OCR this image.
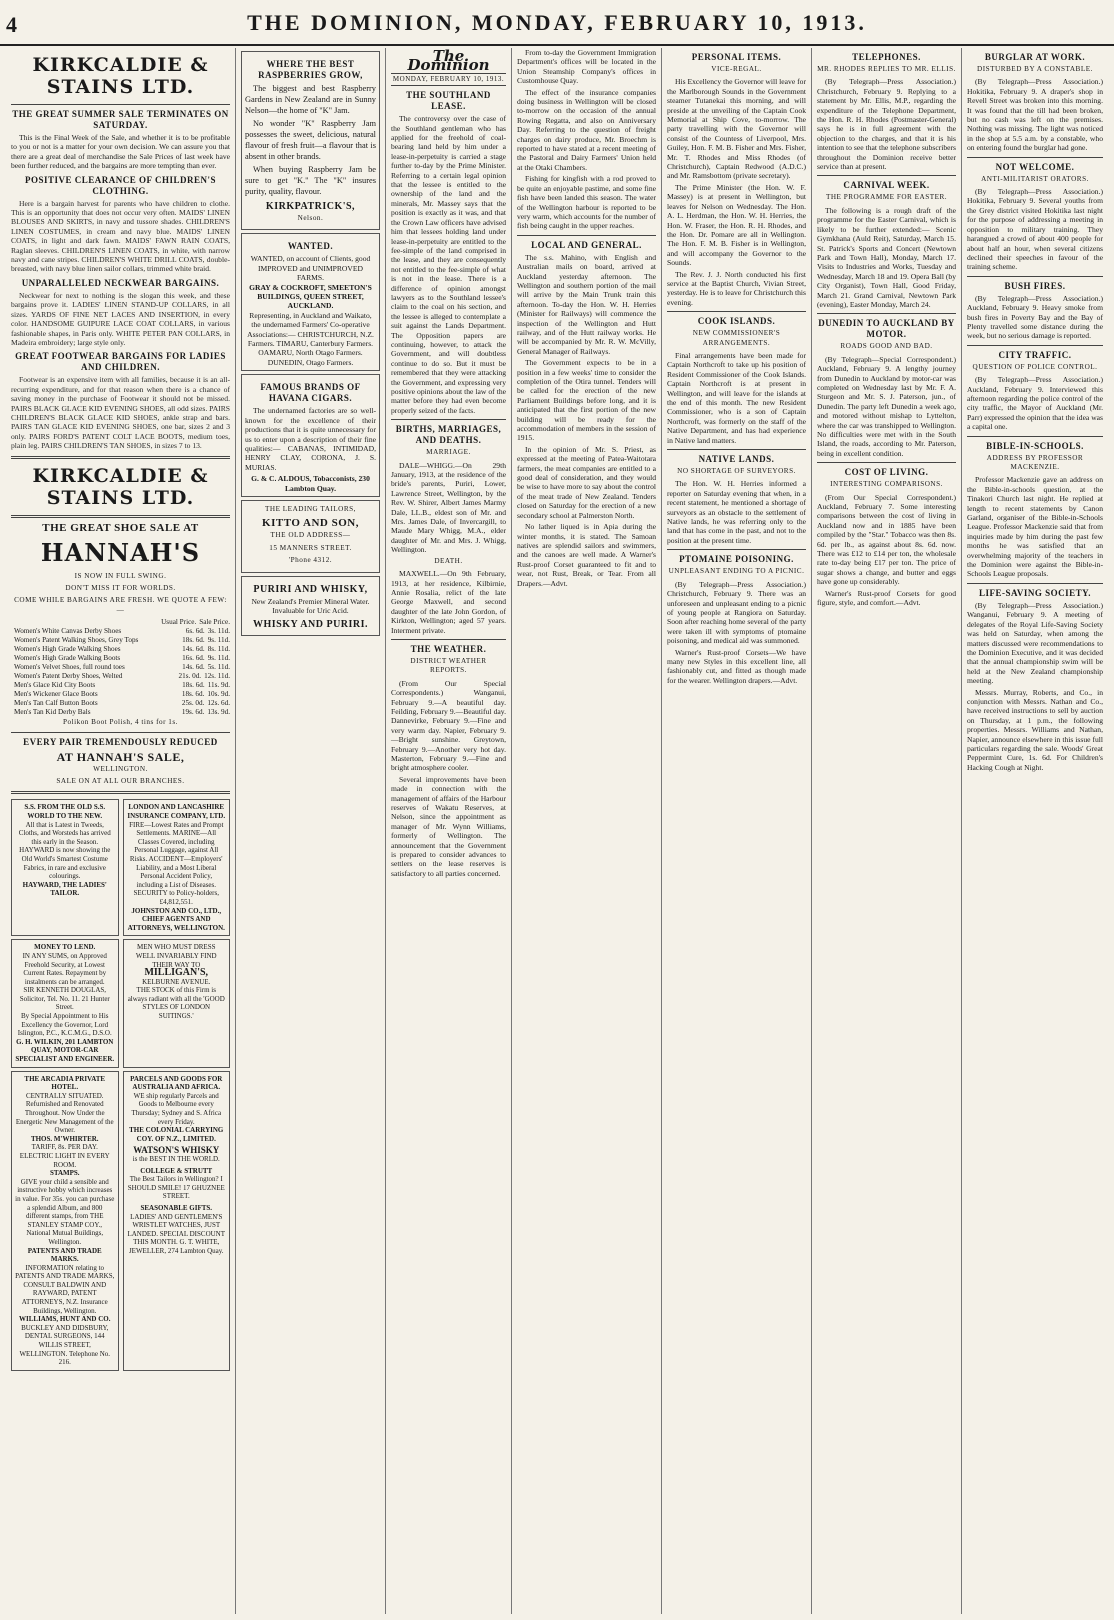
4	THE DOMINION, MONDAY, FEBRUARY 10, 1913.
KIRKCALDIE & STAINS LTD.
THE GREAT SUMMER SALE TERMINATES ON SATURDAY.

This is the Final Week of the Sale, and whether it is to be profitable to you or not is a matter for your own decision. We can assure you that there are a great deal of merchandise the Sale Prices of last week have been further reduced, and the bargains are more tempting than ever.

POSITIVE CLEARANCE OF CHILDREN'S CLOTHING.

Here is a bargain harvest for parents who have children to clothe. This is an opportunity that does not occur very often. MAIDS' LINEN BLOUSES AND SKIRTS, in navy and tussore shades. CHILDREN'S LINEN COSTUMES, in cream and navy blue. MAIDS' LINEN COATS, in light and dark fawn. MAIDS' FAWN RAIN COATS, Raglan sleeves. CHILDREN'S LINEN COATS, in white, with narrow navy and cane stripes. CHILDREN'S WHITE DRILL COATS, double-breasted, with navy blue linen sailor collars, trimmed white braid.

UNPARALLELED NECKWEAR BARGAINS.

Neckwear for next to nothing is the slogan this week, and these bargains prove it. LADIES' LINEN STAND-UP COLLARS, in all sizes. YARDS OF FINE NET LACES AND INSERTION, in every color. HANDSOME GUIPURE LACE COAT COLLARS, in various fashionable shapes, in Paris only. WHITE PETER PAN COLLARS, in Madeira embroidery; large style only.

GREAT FOOTWEAR BARGAINS FOR LADIES AND CHILDREN.

Footwear is an expensive item with all families, because it is an all-recurring expenditure, and for that reason when there is a chance of saving money in the purchase of Footwear it should not be missed. PAIRS BLACK GLACE KID EVENING SHOES, all odd sizes. PAIRS CHILDREN'S BLACK GLACE KID SHOES, ankle strap and bars. PAIRS TAN GLACE KID EVENING SHOES, one bar, sizes 2 and 3 only. PAIRS FORD'S PATENT COLT LACE BOOTS, medium toes, plain leg. PAIRS CHILDREN'S TAN SHOES, in sizes 7 to 13.

KIRKCALDIE & STAINS LTD.
THE GREAT SHOE SALE AT
HANNAH'S
IS NOW IN FULL SWING.
DON'T MISS IT FOR WORLDS.
COME WHILE BARGAINS ARE FRESH. WE QUOTE A FEW:—
Usual Price. Sale Price.
Women's White Canvas Derby Shoes	6s. 6d. 3s. 11d.
Women's Patent Walking Shoes, Grey Tops	18s. 6d. 9s. 11d.
Women's High Grade Walking Shoes	14s. 6d. 8s. 11d.
Women's High Grade Walking Boots	16s. 6d. 9s. 11d.
Women's Velvet Shoes, full round toes	14s. 6d. 5s. 11d.
Women's Patent Derby Shoes, Welted	21s. 0d. 12s. 11d.
Men's Glace Kid City Boots	18s. 6d. 11s. 9d.
Men's Wickener Glace Boots	18s. 6d. 10s. 9d.
Men's Tan Calf Button Boots	25s. 0d. 12s. 6d.
Men's Tan Kid Derby Bals	19s. 6d. 13s. 9d.
Polikon Boot Polish, 4 tins for 1s.
EVERY PAIR TREMENDOUSLY REDUCED
AT HANNAH'S SALE,
WELLINGTON.
SALE ON AT ALL OUR BRANCHES.
S.S. FROM THE OLD S.S.
WORLD TO THE NEW.
All that is Latest in Tweeds, Cloths, and Worsteds has arrived this early in the Season. HAYWARD is now showing the Old World's Smartest Costume Fabrics, in rare and exclusive colourings.
HAYWARD, THE LADIES' TAILOR.
LONDON AND LANCASHIRE INSURANCE COMPANY, LTD.
FIRE—Lowest Rates and Prompt Settlements. MARINE—All Classes Covered, including Personal Luggage, against All Risks. ACCIDENT—Employers' Liability, and a Most Liberal Personal Accident Policy, including a List of Diseases. SECURITY to Policy-holders, £4,812,551.
JOHNSTON AND CO., LTD., CHIEF AGENTS AND ATTORNEYS, WELLINGTON.
MONEY TO LEND.
IN ANY SUMS, on Approved Freehold Security, at Lowest Current Rates. Repayment by instalments can be arranged.
SIR KENNETH DOUGLAS, Solicitor, Tel. No. 11. 21 Hunter Street.
By Special Appointment to His Excellency the Governor, Lord Islington, P.C., K.C.M.G., D.S.O.
G. H. WILKIN, 201 LAMBTON QUAY, MOTOR-CAR SPECIALIST AND ENGINEER.
MEN WHO MUST DRESS WELL INVARIABLY FIND THEIR WAY TO
MILLIGAN'S,
KELBURNE AVENUE.
THE STOCK of this Firm is always radiant with all the 'GOOD STYLES OF LONDON SUITINGS.'
THE ARCADIA PRIVATE HOTEL.
CENTRALLY SITUATED. Refurnished and Renovated Throughout. Now Under the Energetic New Management of the Owner.
THOS. M'WHIRTER.
TARIFF, 8s. PER DAY. ELECTRIC LIGHT IN EVERY ROOM.
STAMPS.
GIVE your child a sensible and instructive hobby which increases in value. For 35s. you can purchase a splendid Album, and 800 different stamps, from THE STANLEY STAMP COY., National Mutual Buildings, Wellington.
PATENTS AND TRADE MARKS.
INFORMATION relating to PATENTS AND TRADE MARKS, CONSULT BALDWIN AND RAYWARD, PATENT ATTORNEYS, N.Z. Insurance Buildings, Wellington.
WILLIAMS, HUNT AND CO.
BUCKLEY AND DIDSBURY, DENTAL SURGEONS, 144 WILLIS STREET, WELLINGTON. Telephone No. 216.
PARCELS AND GOODS FOR AUSTRALIA AND AFRICA.
WE ship regularly Parcels and Goods to Melbourne every Thursday; Sydney and S. Africa every Friday.
THE COLONIAL CARRYING COY. OF N.Z., LIMITED.
WATSON'S WHISKY
is the BEST IN THE WORLD.
COLLEGE & STRUTT
The Best Tailors in Wellington? I SHOULD SMILE! 17 GHUZNEE STREET.
SEASONABLE GIFTS.
LADIES' AND GENTLEMEN'S WRISTLET WATCHES, JUST LANDED. SPECIAL DISCOUNT THIS MONTH. G. T. WHITE, JEWELLER, 274 Lambton Quay.
WHERE THE BEST RASPBERRIES GROW,

The biggest and best Raspberry Gardens in New Zealand are in Sunny Nelson—the home of "K" Jam.

No wonder "K" Raspberry Jam possesses the sweet, delicious, natural flavour of fresh fruit—a flavour that is absent in other brands.

When buying Raspberry Jam be sure to get "K." The "K" insures purity, quality, flavour.

KIRKPATRICK'S,
Nelson.
WANTED.
WANTED, on account of Clients, good IMPROVED and UNIMPROVED FARMS.
GRAY & COCKROFT, SMEETON'S BUILDINGS, QUEEN STREET, AUCKLAND.
Representing, in Auckland and Waikato, the undernamed Farmers' Co-operative Associations:— CHRISTCHURCH, N.Z. Farmers. TIMARU, Canterbury Farmers. OAMARU, North Otago Farmers. DUNEDIN, Otago Farmers.
FAMOUS BRANDS OF HAVANA CIGARS.

The undernamed factories are so well-known for the excellence of their productions that it is quite unnecessary for us to enter upon a description of their fine qualities:— CABANAS, INTIMIDAD, HENRY CLAY, CORONA, J. S. MURIAS.

G. & C. ALDOUS, Tobacconists, 230 Lambton Quay.
THE LEADING TAILORS,
KITTO AND SON,
THE OLD ADDRESS—
15 MANNERS STREET.
'Phone 4312.
PURIRI AND WHISKY,
New Zealand's Premier Mineral Water. Invaluable for Uric Acid.
WHISKY AND PURIRI.
The Dominion
MONDAY, FEBRUARY 10, 1913.
THE SOUTHLAND LEASE.

The controversy over the case of the Southland gentleman who has applied for the freehold of coal-bearing land held by him under a lease-in-perpetuity is carried a stage further to-day by the Prime Minister. Referring to a certain legal opinion that the lessee is entitled to the ownership of the land and the minerals, Mr. Massey says that the position is exactly as it was, and that the Crown Law officers have advised him that lessees holding land under lease-in-perpetuity are entitled to the fee-simple of the land comprised in the lease, and they are consequently not entitled to the fee-simple of what is not in the lease. There is a difference of opinion amongst lawyers as to the Southland lessee's claim to the coal on his section, and the lessee is alleged to contemplate a suit against the Lands Department. The Opposition papers are continuing, however, to attack the Government, and will doubtless continue to do so. But it must be remembered that they were attacking the Government, and expressing very positive opinions about the law of the matter before they had even become properly seized of the facts.

BIRTHS, MARRIAGES, AND DEATHS.
MARRIAGE.

DALE—WHIGG.—On 29th January, 1913, at the residence of the bride's parents, Puriri, Lower, Lawrence Street, Wellington, by the Rev. W. Shirer, Albert James Marmy Dale, LL.B., eldest son of Mr. and Mrs. James Dale, of Invercargill, to Maude Mary Whigg, M.A., elder daughter of Mr. and Mrs. J. Whigg, Wellington.

DEATH.

MAXWELL.—On 9th February, 1913, at her residence, Kilbirnie, Annie Rosalia, relict of the late George Maxwell, and second daughter of the late John Gordon, of Kirkton, Wellington; aged 57 years. Interment private.

THE WEATHER.
DISTRICT WEATHER REPORTS.

(From Our Special Correspondents.) Wanganui, February 9.—A beautiful day. Feilding, February 9.—Beautiful day. Dannevirke, February 9.—Fine and very warm day. Napier, February 9.—Bright sunshine. Greytown, February 9.—Another very hot day. Masterton, February 9.—Fine and bright atmosphere cooler.

Several improvements have been made in connection with the management of affairs of the Harbour reserves of Wakatu Reserves, at Nelson, since the appointment as manager of Mr. Wynn Williams, formerly of Wellington. The announcement that the Government is prepared to consider advances to settlers on the lease reserves is satisfactory to all parties concerned.

From to-day the Government Immigration Department's offices will be located in the Union Steamship Company's offices in Customhouse Quay.

The effect of the insurance companies doing business in Wellington will be closed to-morrow on the occasion of the annual Rowing Regatta, and also on Anniversary Day. Referring to the question of freight charges on dairy produce, Mr. Broechm is reported to have stated at a recent meeting of the Pastoral and Dairy Farmers' Union held at the Otaki Chambers.

Fishing for kingfish with a rod proved to be quite an enjoyable pastime, and some fine fish have been landed this season. The water of the Wellington harbour is reported to be very warm, which accounts for the number of fish being caught in the upper reaches.

LOCAL AND GENERAL.

The s.s. Mahino, with English and Australian mails on board, arrived at Auckland yesterday afternoon. The Wellington and southern portion of the mail will arrive by the Main Trunk train this afternoon. To-day the Hon. W. H. Herries (Minister for Railways) will commence the inspection of the Wellington and Hutt railway, and of the Hutt railway works. He will be accompanied by Mr. R. W. McVilly, General Manager of Railways.

The Government expects to be in a position in a few weeks' time to consider the completion of the Otira tunnel. Tenders will be called for the erection of the new Parliament Buildings before long, and it is anticipated that the first portion of the new building will be ready for the accommodation of members in the session of 1915.

In the opinion of Mr. S. Priest, as expressed at the meeting of Patea-Waitotara farmers, the meat companies are entitled to a good deal of consideration, and they would be wise to have more to say about the control of the meat trade of New Zealand. Tenders closed on Saturday for the erection of a new secondary school at Palmerston North.

No lather liqued is in Apia during the winter months, it is stated. The Samoan natives are splendid sailors and swimmers, and the canoes are well made. A Warner's Rust-proof Corset guaranteed to fit and to wear, not Rust, Break, or Tear. From all Drapers.—Advt.

PERSONAL ITEMS.
VICE-REGAL.

His Excellency the Governor will leave for the Marlborough Sounds in the Government steamer Tutanekai this morning, and will preside at the unveiling of the Captain Cook Memorial at Ship Cove, to-morrow. The party travelling with the Governor will consist of the Countess of Liverpool, Mrs. Guiley, Hon. F. M. B. Fisher and Mrs. Fisher, Mr. T. Rhodes and Miss Rhodes (of Christchurch), Captain Redwood (A.D.C.) and Mr. Ramsbottom (private secretary).

The Prime Minister (the Hon. W. F. Massey) is at present in Wellington, but leaves for Nelson on Wednesday. The Hon. A. L. Herdman, the Hon. W. H. Herries, the Hon. W. Fraser, the Hon. R. H. Rhodes, and the Hon. Dr. Pomare are all in Wellington. The Hon. F. M. B. Fisher is in Wellington, and will accompany the Governor to the Sounds.

The Rev. J. J. North conducted his first service at the Baptist Church, Vivian Street, yesterday. He is to leave for Christchurch this evening.

COOK ISLANDS.
NEW COMMISSIONER'S ARRANGEMENTS.

Final arrangements have been made for Captain Northcroft to take up his position of Resident Commissioner of the Cook Islands. Captain Northcroft is at present in Wellington, and will leave for the islands at the end of this month. The new Resident Commissioner, who is a son of Captain Northcroft, was formerly on the staff of the Native Department, and has had experience in Native land matters.

NATIVE LANDS.
NO SHORTAGE OF SURVEYORS.

The Hon. W. H. Herries informed a reporter on Saturday evening that when, in a recent statement, he mentioned a shortage of surveyors as an obstacle to the settlement of Native lands, he was referring only to the land that has come in the past, and not to the position at the present time.

PTOMAINE POISONING.
UNPLEASANT ENDING TO A PICNIC.

(By Telegraph—Press Association.) Christchurch, February 9. There was an unforeseen and unpleasant ending to a picnic of young people at Rangiora on Saturday. Soon after reaching home several of the party were taken ill with symptoms of ptomaine poisoning, and medical aid was summoned.

Warner's Rust-proof Corsets—We have many new Styles in this excellent line, all fashionably cut, and fitted as though made for the wearer. Wellington drapers.—Advt.

TELEPHONES.
MR. RHODES REPLIES TO MR. ELLIS.

(By Telegraph—Press Association.) Christchurch, February 9. Replying to a statement by Mr. Ellis, M.P., regarding the expenditure of the Telephone Department, the Hon. R. H. Rhodes (Postmaster-General) says he is in full agreement with the objection to the charges, and that it is his intention to see that the telephone subscribers throughout the Dominion receive better service than at present.

CARNIVAL WEEK.
THE PROGRAMME FOR EASTER.

The following is a rough draft of the programme for the Easter Carnival, which is likely to be further extended:— Scenic Gymkhana (Auld Reit), Saturday, March 15. St. Patrick's Sports and Concert (Newtown Park and Town Hall), Monday, March 17. Visits to Industries and Works, Tuesday and Wednesday, March 18 and 19. Opera Ball (by City Organist), Town Hall, Good Friday, March 21. Grand Carnival, Newtown Park (evening), Easter Monday, March 24.

DUNEDIN TO AUCKLAND BY MOTOR.
ROADS GOOD AND BAD.

(By Telegraph—Special Correspondent.) Auckland, February 9. A lengthy journey from Dunedin to Auckland by motor-car was completed on Wednesday last by Mr. F. A. Sturgeon and Mr. S. J. Paterson, jun., of Dunedin. The party left Dunedin a week ago, and motored without mishap to Lyttelton, where the car was transhipped to Wellington. No difficulties were met with in the South Island, the roads, according to Mr. Paterson, being in excellent condition.

COST OF LIVING.
INTERESTING COMPARISONS.

(From Our Special Correspondent.) Auckland, February 7. Some interesting comparisons between the cost of living in Auckland now and in 1885 have been compiled by the "Star." Tobacco was then 8s. 6d. per lb., as against about 8s. 6d. now. There was £12 to £14 per ton, the wholesale rate to-day being £17 per ton. The price of sugar shows a change, and butter and eggs have gone up considerably.

Warner's Rust-proof Corsets for good figure, style, and comfort.—Advt.

BURGLAR AT WORK.
DISTURBED BY A CONSTABLE.

(By Telegraph—Press Association.) Hokitika, February 9. A draper's shop in Revell Street was broken into this morning. It was found that the till had been broken, but no cash was left on the premises. Nothing was missing. The light was noticed in the shop at 5.5 a.m. by a constable, who on entering found the burglar had gone.

NOT WELCOME.
ANTI-MILITARIST ORATORS.

(By Telegraph—Press Association.) Hokitika, February 9. Several youths from the Grey district visited Hokitika last night for the purpose of addressing a meeting in opposition to military training. They harangued a crowd of about 400 people for about half an hour, when several citizens declined their speeches in favour of the training scheme.

BUSH FIRES.

(By Telegraph—Press Association.) Auckland, February 9. Heavy smoke from bush fires in Poverty Bay and the Bay of Plenty travelled some distance during the week, but no serious damage is reported.

CITY TRAFFIC.
QUESTION OF POLICE CONTROL.

(By Telegraph—Press Association.) Auckland, February 9. Interviewed this afternoon regarding the police control of the city traffic, the Mayor of Auckland (Mr. Parr) expressed the opinion that the idea was a capital one.

BIBLE-IN-SCHOOLS.
ADDRESS BY PROFESSOR MACKENZIE.

Professor Mackenzie gave an address on the Bible-in-schools question, at the Tinakori Church last night. He replied at length to recent statements by Canon Garland, organiser of the Bible-in-Schools League. Professor Mackenzie said that from inquiries made by him during the past few months he was satisfied that an overwhelming majority of the teachers in the Dominion were against the Bible-in-Schools League proposals.

LIFE-SAVING SOCIETY.

(By Telegraph—Press Association.) Wanganui, February 9. A meeting of delegates of the Royal Life-Saving Society was held on Saturday, when among the matters discussed were recommendations to the Dominion Executive, and it was decided that the annual championship swim will be held at the New Zealand championship meeting.

Messrs. Murray, Roberts, and Co., in conjunction with Messrs. Nathan and Co., have received instructions to sell by auction on Thursday, at 1 p.m., the following properties. Messrs. Williams and Nathan, Napier, announce elsewhere in this issue full particulars regarding the sale. Woods' Great Peppermint Cure, 1s. 6d. For Children's Hacking Cough at Night.
